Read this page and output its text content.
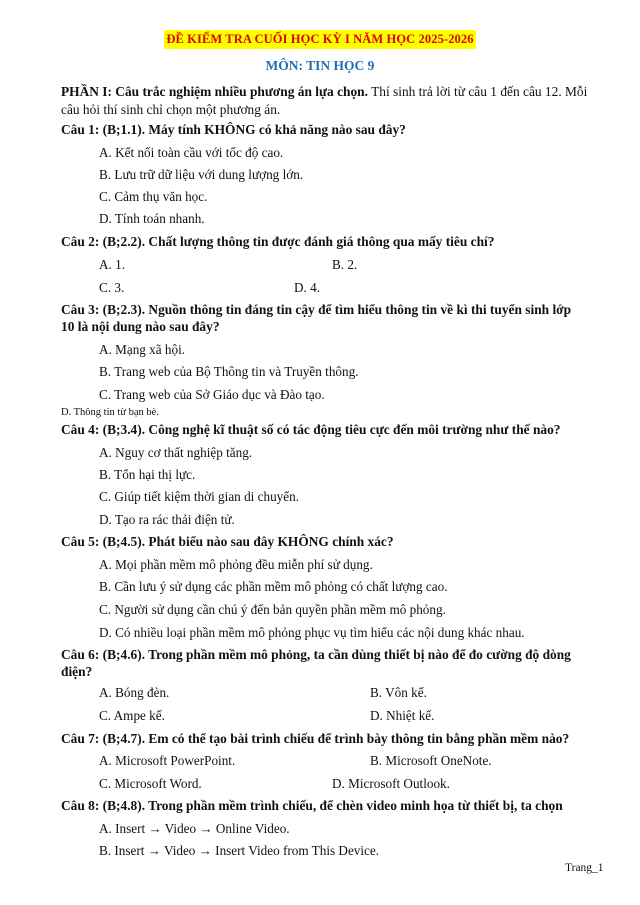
ĐỀ KIỂM TRA CUỐI HỌC KỲ I NĂM HỌC 2025-2026
MÔN: TIN HỌC 9
PHẦN I: Câu trắc nghiệm nhiều phương án lựa chọn. Thí sinh trả lời từ câu 1 đến câu 12. Mỗi câu hỏi thí sinh chỉ chọn một phương án.
Câu 1: (B;1.1). Máy tính KHÔNG có khả năng nào sau đây?
A. Kết nối toàn cầu với tốc độ cao.
B. Lưu trữ dữ liệu với dung lượng lớn.
C. Cảm thụ văn học.
D. Tính toán nhanh.
Câu 2: (B;2.2). Chất lượng thông tin được đánh giá thông qua mấy tiêu chí?
A. 1.	B. 2.
C. 3.	D. 4.
Câu 3: (B;2.3). Nguồn thông tin đáng tin cậy để tìm hiểu thông tin về kì thi tuyển sinh lớp
10 là nội dung nào sau đây?
A. Mạng xã hội.
B. Trang web của Bộ Thông tin và Truyền thông.
C. Trang web của Sở Giáo dục và Đào tạo.
D. Thông tin từ bạn bè.
Câu 4: (B;3.4). Công nghệ kĩ thuật số có tác động tiêu cực đến môi trường như thế nào?
A. Nguy cơ thất nghiệp tăng.
B. Tổn hại thị lực.
C. Giúp tiết kiệm thời gian di chuyển.
D. Tạo ra rác thải điện tử.
Câu 5: (B;4.5). Phát biểu nào sau đây KHÔNG chính xác?
A. Mọi phần mềm mô phỏng đều miễn phí sử dụng.
B. Cần lưu ý sử dụng các phần mềm mô phỏng có chất lượng cao.
C. Người sử dụng cần chú ý đến bản quyền phần mềm mô phỏng.
D. Có nhiều loại phần mềm mô phỏng phục vụ tìm hiểu các nội dung khác nhau.
Câu 6: (B;4.6). Trong phần mềm mô phỏng, ta cần dùng thiết bị nào để đo cường độ dòng
điện?
A. Bóng đèn.	B. Vôn kế.
C. Ampe kế.	D. Nhiệt kế.
Câu 7: (B;4.7). Em có thể tạo bài trình chiếu để trình bày thông tin bằng phần mềm nào?
A. Microsoft PowerPoint.	B. Microsoft OneNote.
C. Microsoft Word.	D. Microsoft Outlook.
Câu 8: (B;4.8). Trong phần mềm trình chiếu, để chèn video minh họa từ thiết bị, ta chọn
A. Insert → Video → Online Video.
B. Insert → Video → Insert Video from This Device.
Trang_1
